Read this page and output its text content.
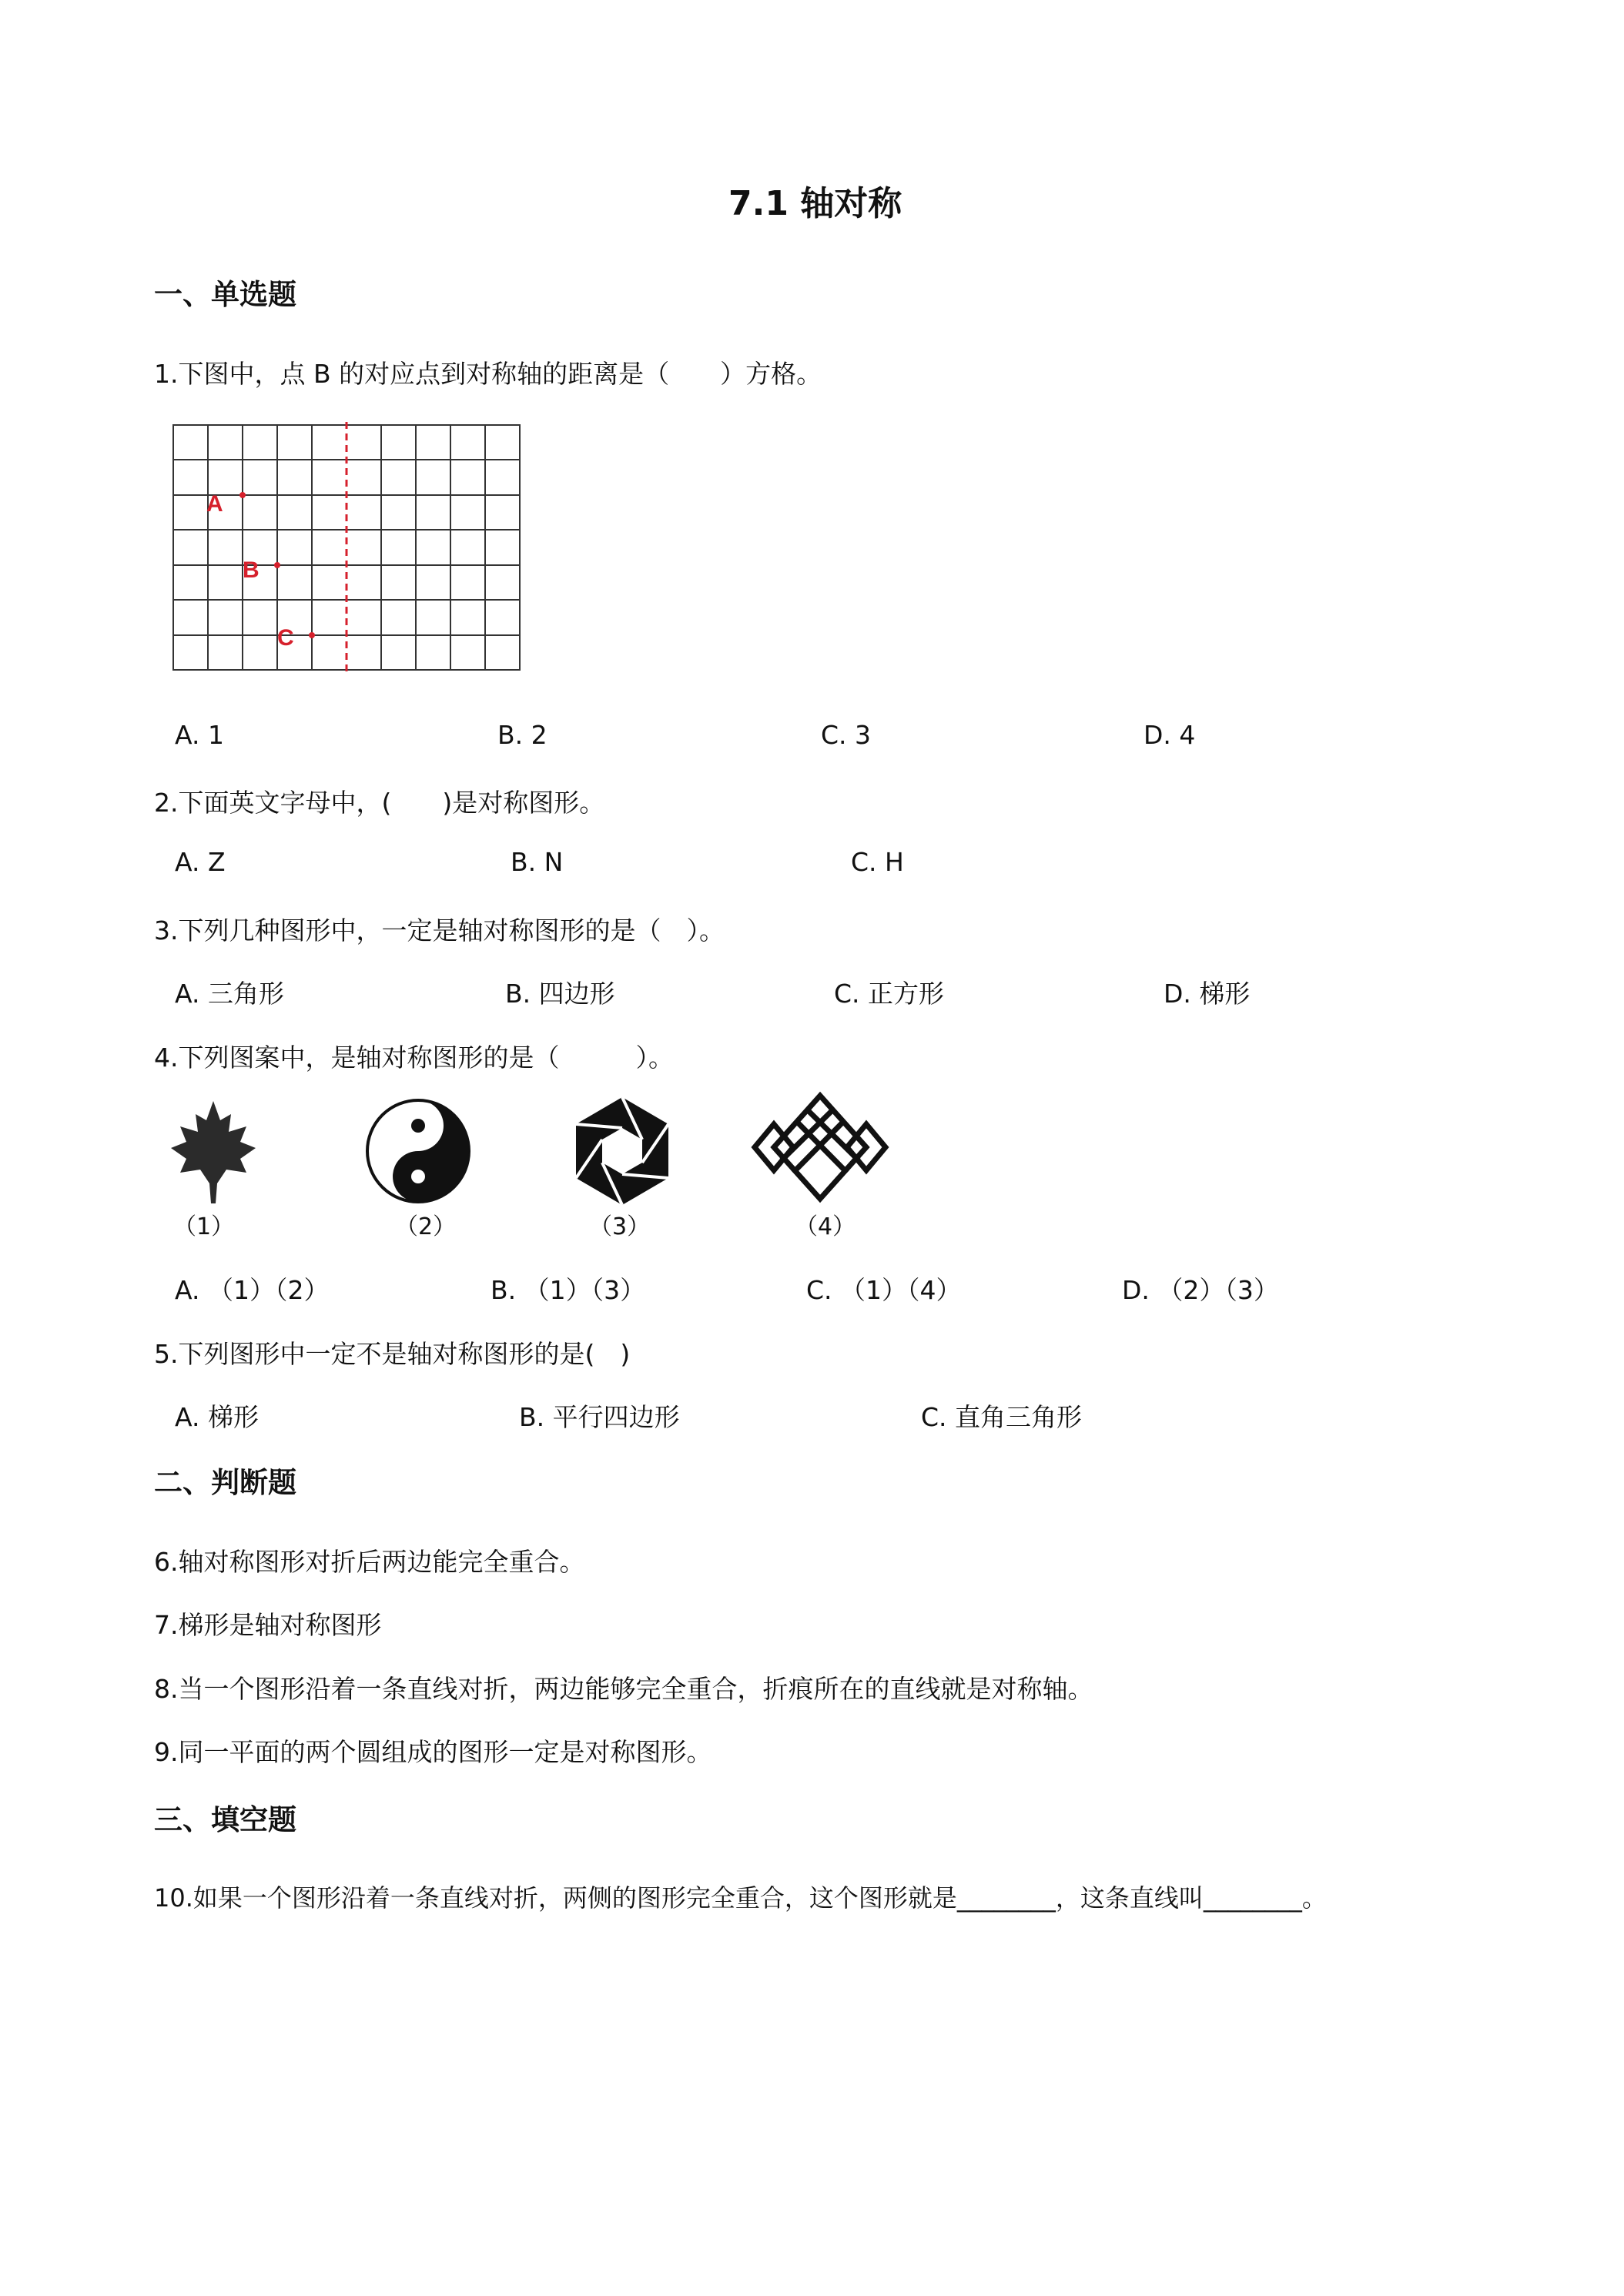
7.1 轴对称
一、单选题
1.下图中，点 B 的对应点到对称轴的距离是（　　）方格。
A
B
C
A. 1	B. 2	C. 3	D. 4
2.下面英文字母中，(　　)是对称图形。
A. Z	B. N	C. H
3.下列几种图形中，一定是轴对称图形的是（　）。
A. 三角形	B. 四边形	C. 正方形	D. 梯形
4.下列图案中，是轴对称图形的是（　　　）。
（1）	（2）	（3）	（4）
A. （1）（2）	B. （1）（3）	C. （1）（4）	D. （2）（3）
5.下列图形中一定不是轴对称图形的是(　)
A. 梯形	B. 平行四边形	C. 直角三角形
二、判断题
6.轴对称图形对折后两边能完全重合。
7.梯形是轴对称图形
8.当一个图形沿着一条直线对折，两边能够完全重合，折痕所在的直线就是对称轴。
9.同一平面的两个圆组成的图形一定是对称图形。
三、填空题
10.如果一个图形沿着一条直线对折，两侧的图形完全重合，这个图形就是________，这条直线叫________。
